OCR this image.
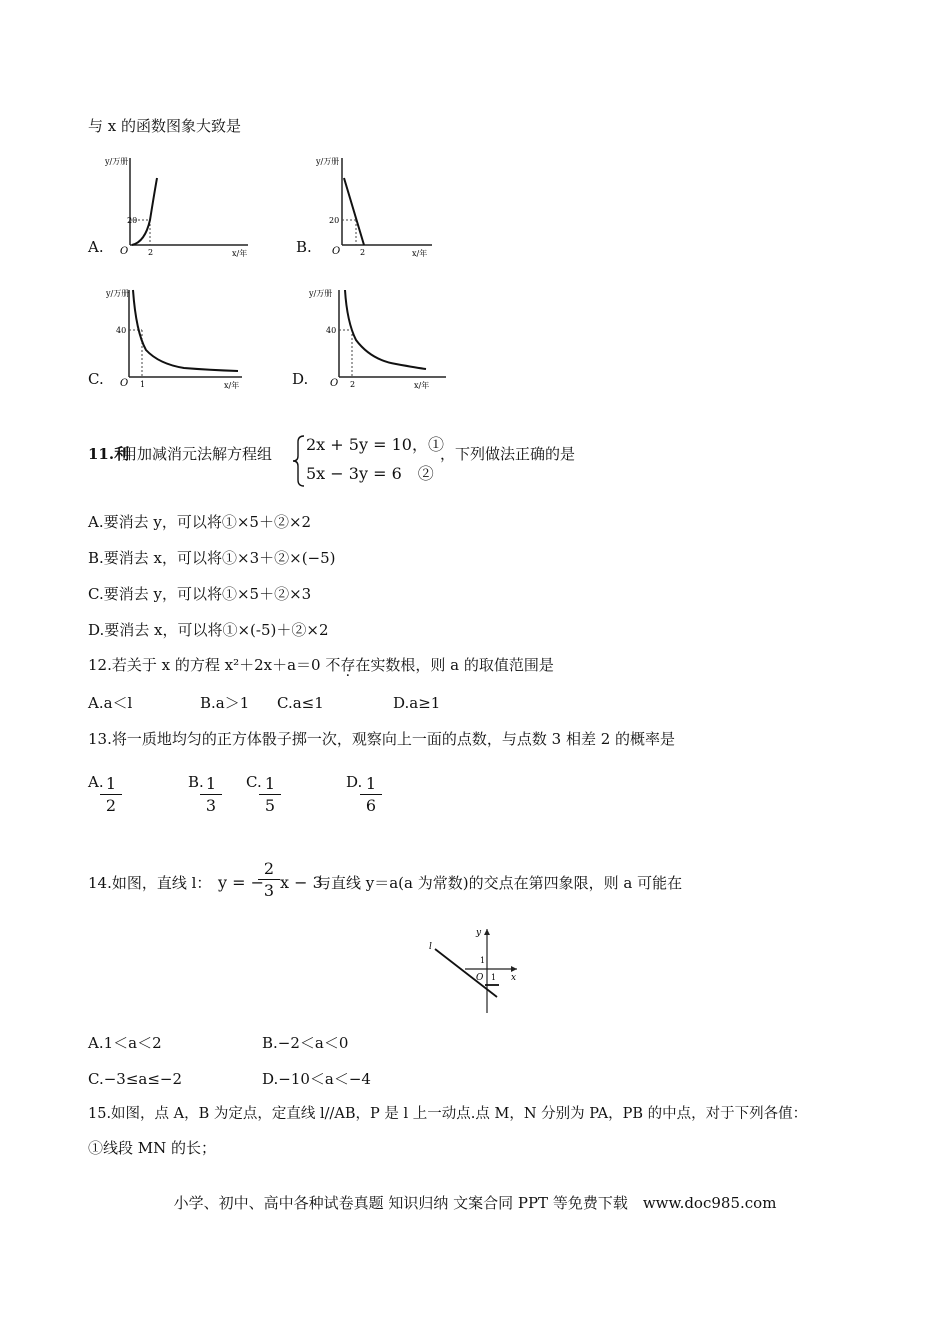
与 x 的函数图象大致是
A.
y/万册
x/年
20
2
O	B.
y/万册
x/年
20
2
O
C.
y/万册
x/年
40
1
O	D.
y/万册
x/年
40
2
O
11.利
用加减消元法解方程组 2x + 5y = 10，①
5x − 3y = 6　②
，下列做法正确的是
A.要消去 y，可以将①×5＋②×2
B.要消去 x，可以将①×3＋②×(−5)
C.要消去 y，可以将①×5＋②×3
D.要消去 x，可以将①×(-5)＋②×2
12.若关于 x 的方程 x²＋2x＋a＝0 不存在实数根，则 a 的取值范围是
A.a＜l	B.a＞1 C.a≤1	D.a≥1
13.将一质地均匀的正方体骰子掷一次，观察向上一面的点数，与点数 3 相差 2 的概率是
A.
$\frac{1}{2}$	B.
$\frac{1}{3} C$.
$\frac{1}{5}$	D.
$\frac{1}{6}$
14.如图，直线 l： y = −
$\frac{2}{3}$ x − 3
与直线 y＝a(a 为常数)的交点在第四象限，则 a 可能在
l
y
x
O 1
1
A.1＜a＜2	B.−2＜a＜0
C.−3≤a≤−2	D.−10＜a＜−4
15.如图，点 A，B 为定点，定直线 l//AB，P 是 l 上一动点.点 M，N 分别为 PA，PB 的中点，对于下列各值：
①线段 MN 的长；
小学、初中、高中各种试卷真题 知识归纳 文案合同 PPT 等免费下载　www.doc985.com
